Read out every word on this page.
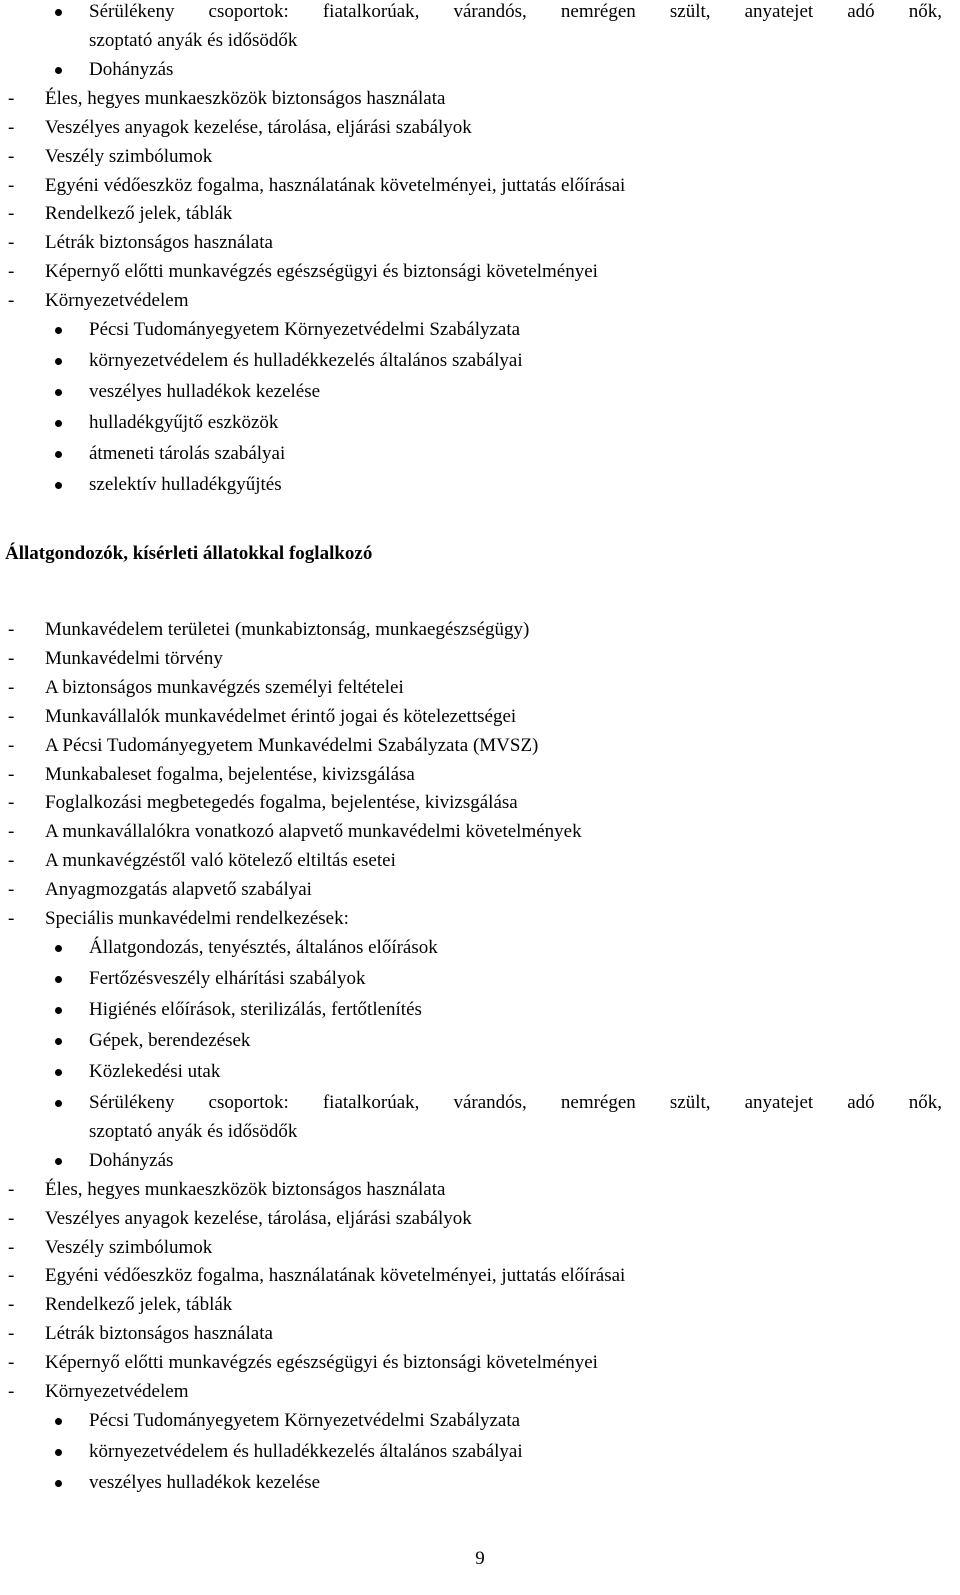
Sérülékeny csoportok: fiatalkorúak, várandós, nemrégen szült, anyatejet adó nők,
szoptató anyák és idősödők
Dohányzás
-	Éles, hegyes munkaeszközök biztonságos használata
-	Veszélyes anyagok kezelése, tárolása, eljárási szabályok
-	Veszély szimbólumok
-	Egyéni védőeszköz fogalma, használatának követelményei, juttatás előírásai
-	Rendelkező jelek, táblák
-	Létrák biztonságos használata
-	Képernyő előtti munkavégzés egészségügyi és biztonsági követelményei
-	Környezetvédelem
Pécsi Tudományegyetem Környezetvédelmi Szabályzata
környezetvédelem és hulladékkezelés általános szabályai
veszélyes hulladékok kezelése
hulladékgyűjtő eszközök
átmeneti tárolás szabályai
szelektív hulladékgyűjtés
Állatgondozók, kísérleti állatokkal foglalkozó
-	Munkavédelem területei (munkabiztonság, munkaegészségügy)
-	Munkavédelmi törvény
-	A biztonságos munkavégzés személyi feltételei
-	Munkavállalók munkavédelmet érintő jogai és kötelezettségei
-	A Pécsi Tudományegyetem Munkavédelmi Szabályzata (MVSZ)
-	Munkabaleset fogalma, bejelentése, kivizsgálása
-	Foglalkozási megbetegedés fogalma, bejelentése, kivizsgálása
-	A munkavállalókra vonatkozó alapvető munkavédelmi követelmények
-	A munkavégzéstől való kötelező eltiltás esetei
-	Anyagmozgatás alapvető szabályai
-	Speciális munkavédelmi rendelkezések:
Állatgondozás, tenyésztés, általános előírások
Fertőzésveszély elhárítási szabályok
Higiénés előírások, sterilizálás, fertőtlenítés
Gépek, berendezések
Közlekedési utak
Sérülékeny csoportok: fiatalkorúak, várandós, nemrégen szült, anyatejet adó nők,
szoptató anyák és idősödők
Dohányzás
-	Éles, hegyes munkaeszközök biztonságos használata
-	Veszélyes anyagok kezelése, tárolása, eljárási szabályok
-	Veszély szimbólumok
-	Egyéni védőeszköz fogalma, használatának követelményei, juttatás előírásai
-	Rendelkező jelek, táblák
-	Létrák biztonságos használata
-	Képernyő előtti munkavégzés egészségügyi és biztonsági követelményei
-	Környezetvédelem
Pécsi Tudományegyetem Környezetvédelmi Szabályzata
környezetvédelem és hulladékkezelés általános szabályai
veszélyes hulladékok kezelése
9
